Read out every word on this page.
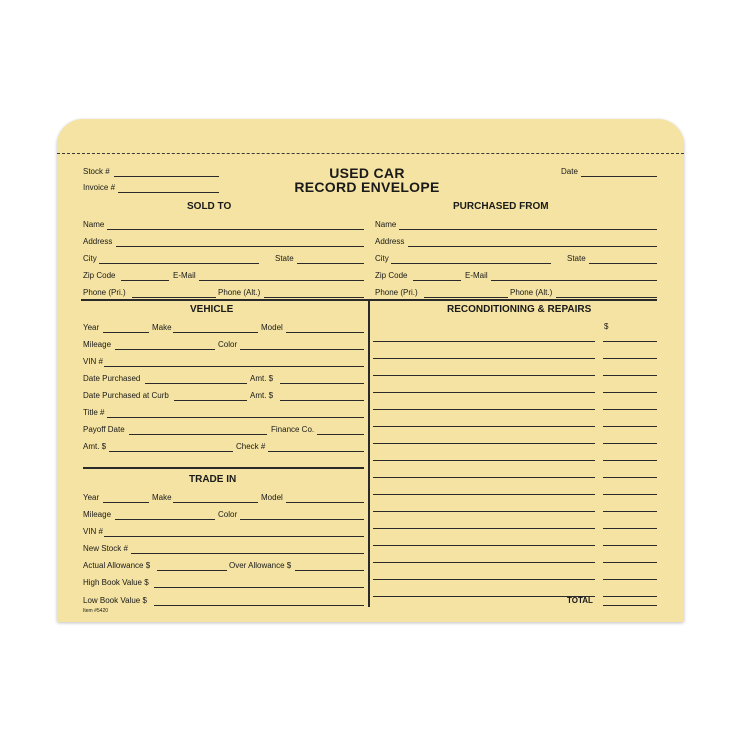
Stock #
Invoice #
USED CAR
RECORD ENVELOPE
Date
SOLD TO
Name
Address
City	State
Zip Code	E-Mail
Phone (Pri.)	Phone (Alt.)
PURCHASED FROM
Name
Address
City	State
Zip Code	E-Mail
Phone (Pri.)	Phone (Alt.)
VEHICLE
Year	Make	Model
Mileage	Color
VIN #
Date Purchased	Amt. $
Date Purchased at Curb	Amt. $
Title #
Payoff Date	Finance Co.
Amt. $	Check #
TRADE IN
Year	Make	Model
Mileage	Color
VIN #
New Stock #
Actual Allowance $	Over Allowance $
High Book Value $
Low Book Value $
Item #5420
RECONDITIONING & REPAIRS
$
TOTAL
